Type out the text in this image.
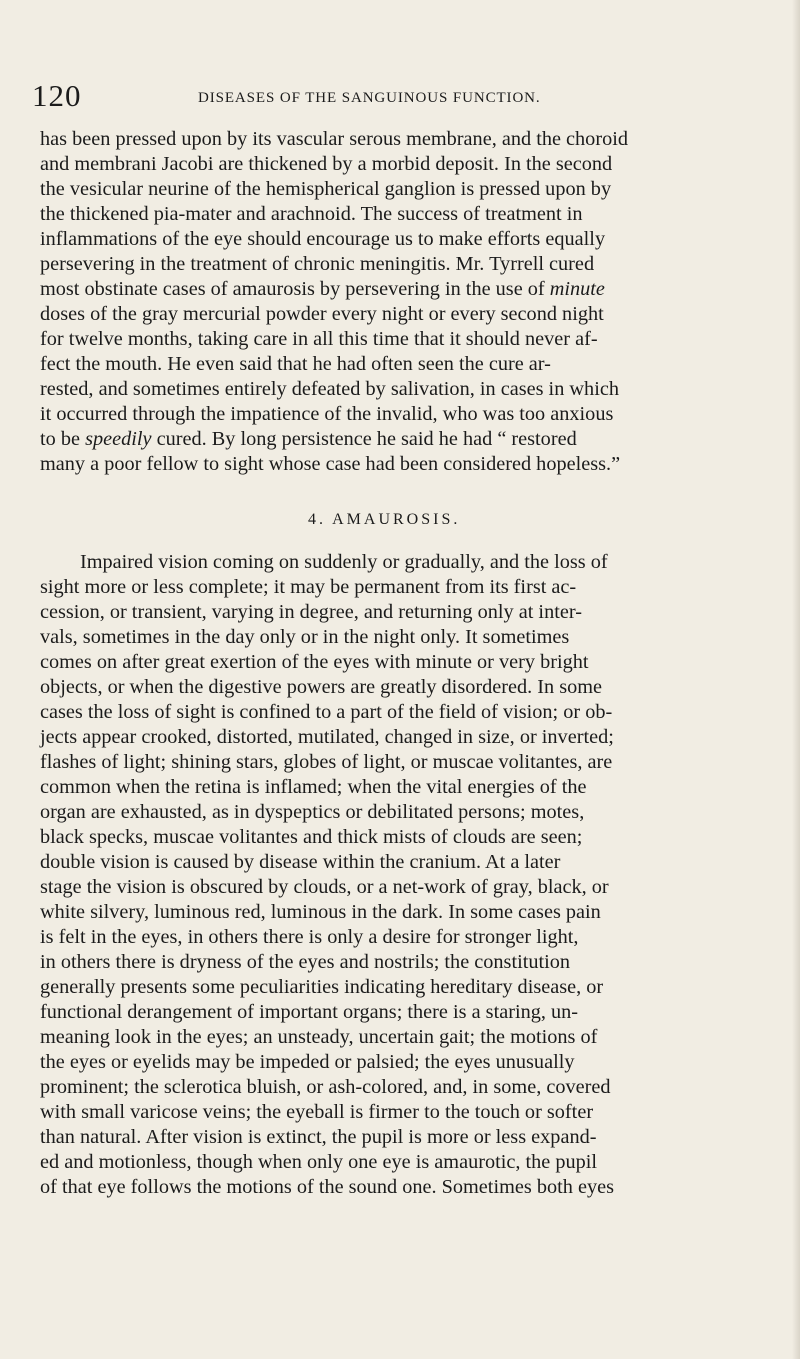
120	DISEASES OF THE SANGUINOUS FUNCTION.
has been pressed upon by its vascular serous membrane, and the choroid
and membrani Jacobi are thickened by a morbid deposit. In the second
the vesicular neurine of the hemispherical ganglion is pressed upon by
the thickened pia-mater and arachnoid. The success of treatment in
inflammations of the eye should encourage us to make efforts equally
persevering in the treatment of chronic meningitis. Mr. Tyrrell cured
most obstinate cases of amaurosis by persevering in the use of minute
doses of the gray mercurial powder every night or every second night
for twelve months, taking care in all this time that it should never af-
fect the mouth. He even said that he had often seen the cure ar-
rested, and sometimes entirely defeated by salivation, in cases in which
it occurred through the impatience of the invalid, who was too anxious
to be speedily cured. By long persistence he said he had “ restored
many a poor fellow to sight whose case had been considered hopeless.”
4. AMAUROSIS.
Impaired vision coming on suddenly or gradually, and the loss of
sight more or less complete; it may be permanent from its first ac-
cession, or transient, varying in degree, and returning only at inter-
vals, sometimes in the day only or in the night only. It sometimes
comes on after great exertion of the eyes with minute or very bright
objects, or when the digestive powers are greatly disordered. In some
cases the loss of sight is confined to a part of the field of vision; or ob-
jects appear crooked, distorted, mutilated, changed in size, or inverted;
flashes of light; shining stars, globes of light, or muscae volitantes, are
common when the retina is inflamed; when the vital energies of the
organ are exhausted, as in dyspeptics or debilitated persons; motes,
black specks, muscae volitantes and thick mists of clouds are seen;
double vision is caused by disease within the cranium. At a later
stage the vision is obscured by clouds, or a net-work of gray, black, or
white silvery, luminous red, luminous in the dark. In some cases pain
is felt in the eyes, in others there is only a desire for stronger light,
in others there is dryness of the eyes and nostrils; the constitution
generally presents some peculiarities indicating hereditary disease, or
functional derangement of important organs; there is a staring, un-
meaning look in the eyes; an unsteady, uncertain gait; the motions of
the eyes or eyelids may be impeded or palsied; the eyes unusually
prominent; the sclerotica bluish, or ash-colored, and, in some, covered
with small varicose veins; the eyeball is firmer to the touch or softer
than natural. After vision is extinct, the pupil is more or less expand-
ed and motionless, though when only one eye is amaurotic, the pupil
of that eye follows the motions of the sound one. Sometimes both eyes
